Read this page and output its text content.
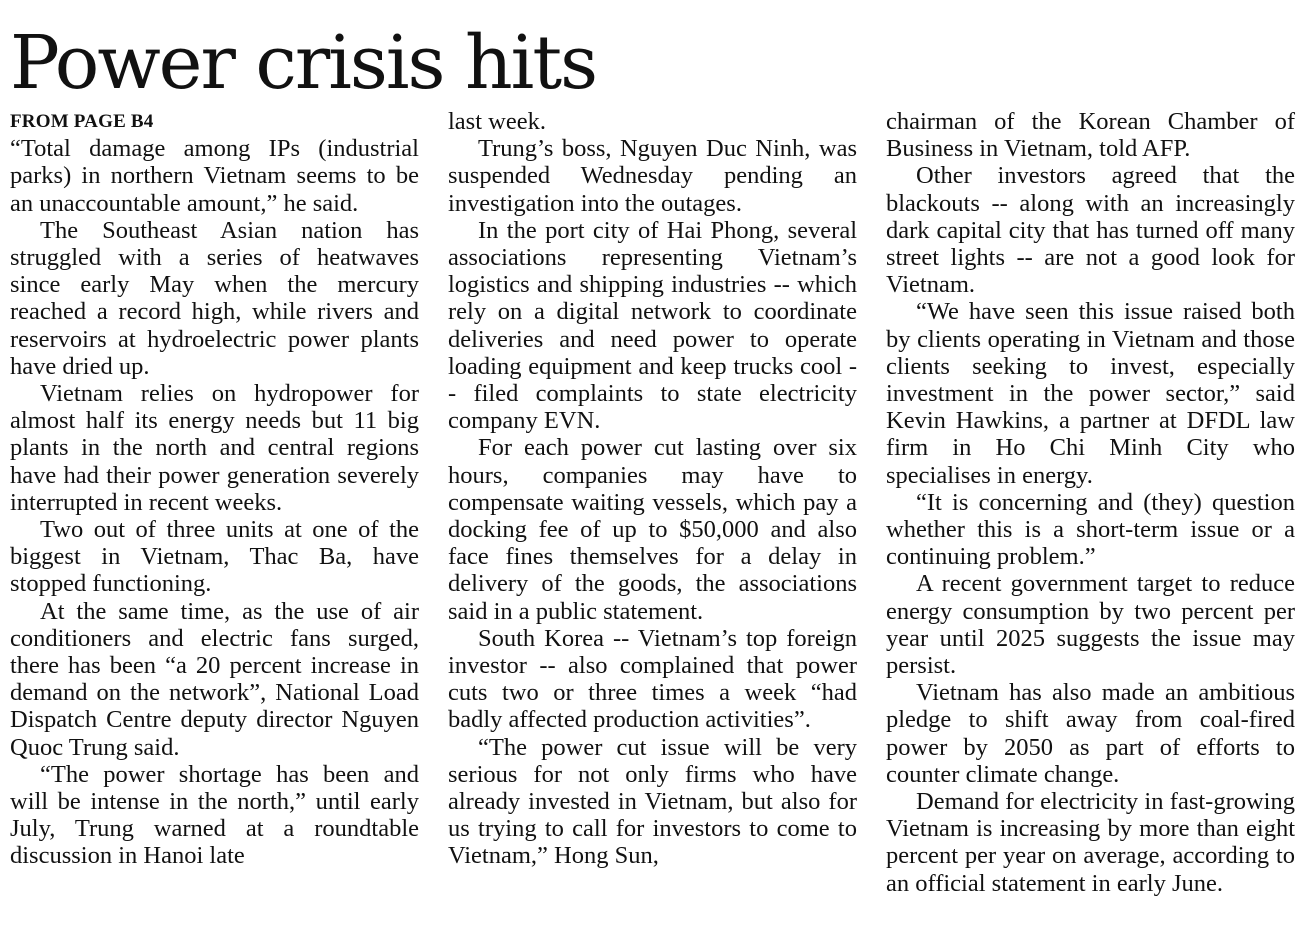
Power crisis hits
FROM PAGE B4

“Total damage among IPs (industrial parks) in northern Vietnam seems to be an unaccountable amount,” he said.

The Southeast Asian nation has struggled with a series of heatwaves since early May when the mercury reached a record high, while rivers and reservoirs at hydroelectric power plants have dried up.

Vietnam relies on hydropower for almost half its energy needs but 11 big plants in the north and central regions have had their power generation severely interrupted in recent weeks.

Two out of three units at one of the biggest in Vietnam, Thac Ba, have stopped functioning.

At the same time, as the use of air conditioners and electric fans surged, there has been “a 20 percent increase in demand on the network”, National Load Dispatch Centre deputy director Nguyen Quoc Trung said.

“The power shortage has been and will be intense in the north,” until early July, Trung warned at a roundtable discussion in Hanoi late

last week.

Trung’s boss, Nguyen Duc Ninh, was suspended Wednesday pending an investigation into the outages.

In the port city of Hai Phong, several associations representing Vietnam’s logistics and shipping industries -- which rely on a digital network to coordinate deliveries and need power to operate loading equipment and keep trucks cool -- filed complaints to state electricity company EVN.

For each power cut lasting over six hours, companies may have to compensate waiting vessels, which pay a docking fee of up to $50,000 and also face fines themselves for a delay in delivery of the goods, the associations said in a public statement.

South Korea -- Vietnam’s top foreign investor -- also complained that power cuts two or three times a week “had badly affected production activities”.

“The power cut issue will be very serious for not only firms who have already invested in Vietnam, but also for us trying to call for investors to come to Vietnam,” Hong Sun,

chairman of the Korean Chamber of Business in Vietnam, told AFP.

Other investors agreed that the blackouts -- along with an increasingly dark capital city that has turned off many street lights -- are not a good look for Vietnam.

“We have seen this issue raised both by clients operating in Vietnam and those clients seeking to invest, especially investment in the power sector,” said Kevin Hawkins, a partner at DFDL law firm in Ho Chi Minh City who specialises in energy.

“It is concerning and (they) question whether this is a short-term issue or a continuing problem.”

A recent government target to reduce energy consumption by two percent per year until 2025 suggests the issue may persist.

Vietnam has also made an ambitious pledge to shift away from coal-fired power by 2050 as part of efforts to counter climate change.

Demand for electricity in fast-growing Vietnam is increasing by more than eight percent per year on average, according to an official statement in early June.
